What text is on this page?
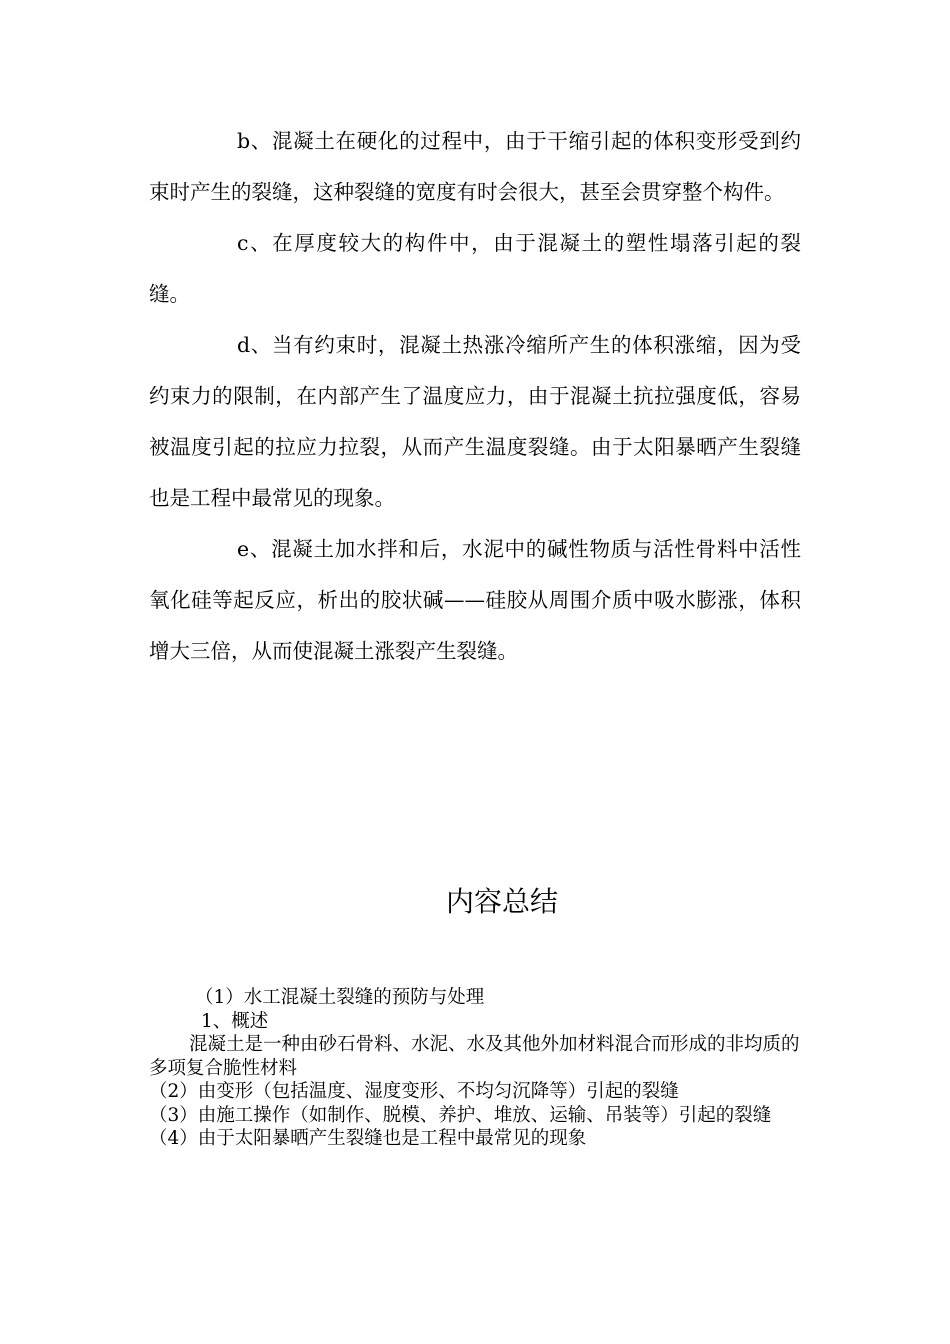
b、混凝土在硬化的过程中，由于干缩引起的体积变形受到约束时产生的裂缝，这种裂缝的宽度有时会很大，甚至会贯穿整个构件。

c、在厚度较大的构件中，由于混凝土的塑性塌落引起的裂缝。

d、当有约束时，混凝土热涨冷缩所产生的体积涨缩，因为受约束力的限制，在内部产生了温度应力，由于混凝土抗拉强度低，容易被温度引起的拉应力拉裂，从而产生温度裂缝。由于太阳暴晒产生裂缝也是工程中最常见的现象。

e、混凝土加水拌和后，水泥中的碱性物质与活性骨料中活性氧化硅等起反应，析出的胶状碱——硅胶从周围介质中吸水膨涨，体积增大三倍，从而使混凝土涨裂产生裂缝。

内容总结

（1）水工混凝土裂缝的预防与处理

1、概述

混凝土是一种由砂石骨料、水泥、水及其他外加材料混合而形成的非均质的多项复合脆性材料

（2）由变形（包括温度、湿度变形、不均匀沉降等）引起的裂缝

（3）由施工操作（如制作、脱模、养护、堆放、运输、吊装等）引起的裂缝

（4）由于太阳暴晒产生裂缝也是工程中最常见的现象
